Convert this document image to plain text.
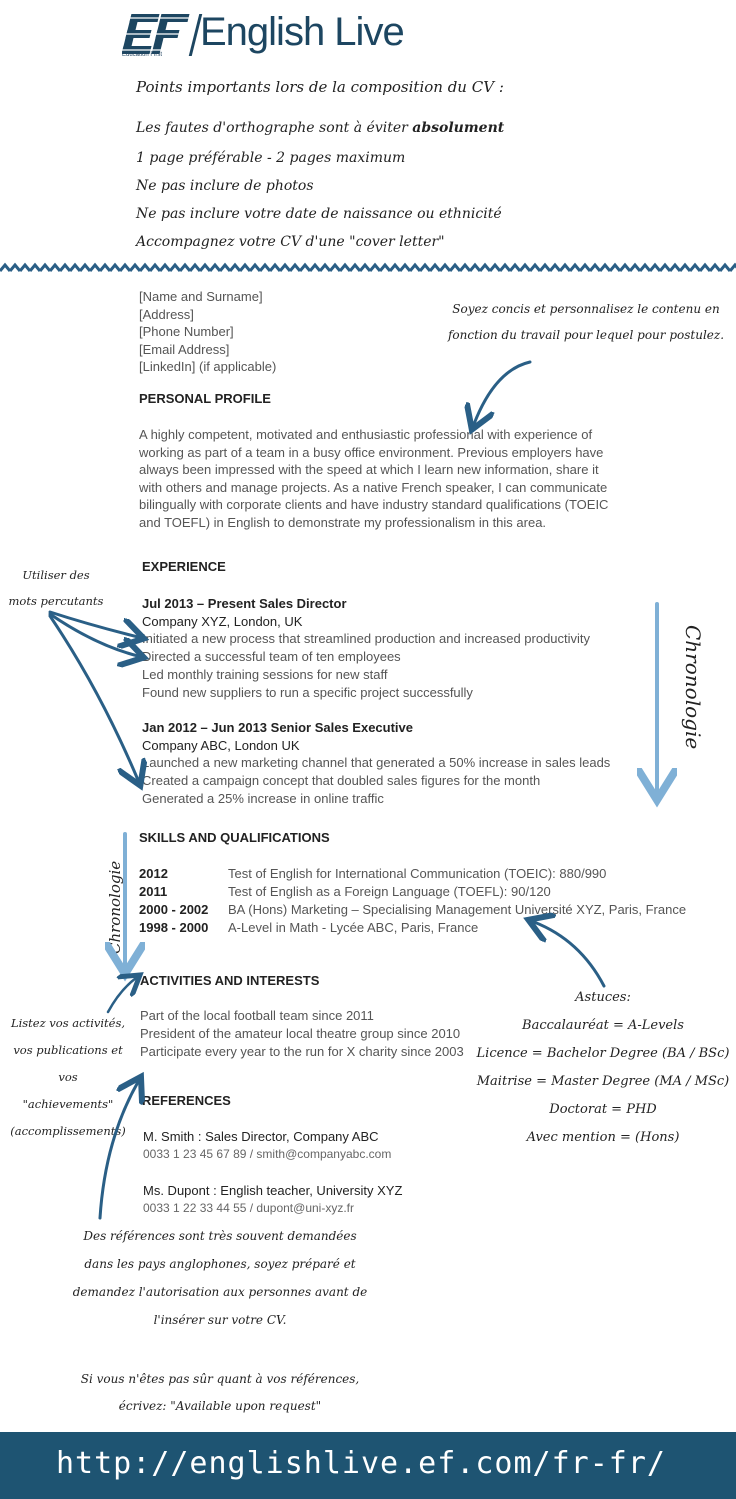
Education First
English Live
Points importants lors de la composition du CV :
Les fautes d'orthographe sont à éviter absolument
1 page préférable - 2 pages maximum
Ne pas inclure de photos
Ne pas inclure votre date de naissance ou ethnicité
Accompagnez votre CV d'une "cover letter"
[Name and Surname]
[Address]
[Phone Number]
[Email Address]
[LinkedIn] (if applicable)
PERSONAL PROFILE
A highly competent, motivated and enthusiastic professional with experience of
working as part of a team in a busy office environment. Previous employers have
always been impressed with the speed at which I learn new information, share it
with others and manage projects. As a native French speaker, I can communicate
bilingually with corporate clients and have industry standard qualifications (TOEIC
and TOEFL) in English to demonstrate my professionalism in this area.
EXPERIENCE
Jul 2013 – Present Sales Director
Company XYZ, London, UK
Initiated a new process that streamlined production and increased productivity
Directed a successful team of ten employees
Led monthly training sessions for new staff
Found new suppliers to run a specific project successfully
Jan 2012 – Jun 2013 Senior Sales Executive
Company ABC, London UK
Launched a new marketing channel that generated a 50% increase in sales leads
Created a campaign concept that doubled sales figures for the month
Generated a 25% increase in online traffic
SKILLS AND QUALIFICATIONS
2012	Test of English for International Communication (TOEIC): 880/990
2011	Test of English as a Foreign Language (TOEFL): 90/120
2000 - 2002 BA (Hons) Marketing – Specialising Management Université XYZ, Paris, France
1998 - 2000 A-Level in Math - Lycée ABC, Paris, France
ACTIVITIES AND INTERESTS
Part of the local football team since 2011
President of the amateur local theatre group since 2010
Participate every year to the run for X charity since 2003
REFERENCES
M. Smith : Sales Director, Company ABC
0033 1 23 45 67 89 / smith@companyabc.com
Ms. Dupont : English teacher, University XYZ
0033 1 22 33 44 55 / dupont@uni-xyz.fr
Soyez concis et personnalisez le contenu en
fonction du travail pour lequel pour postulez.
Utiliser des
mots percutants
Chronologie
Chronologie
Listez vos activités,
vos publications et vos
"achievements"
(accomplissements)
Astuces:
Baccalauréat = A-Levels
Licence = Bachelor Degree (BA / BSc)
Maitrise = Master Degree (MA / MSc)
Doctorat = PHD
Avec mention = (Hons)
Des références sont très souvent demandées
dans les pays anglophones, soyez préparé et
demandez l'autorisation aux personnes avant de
l'insérer sur votre CV.
Si vous n'êtes pas sûr quant à vos références,
écrivez: "Available upon request"
http://englishlive.ef.com/fr-fr/
